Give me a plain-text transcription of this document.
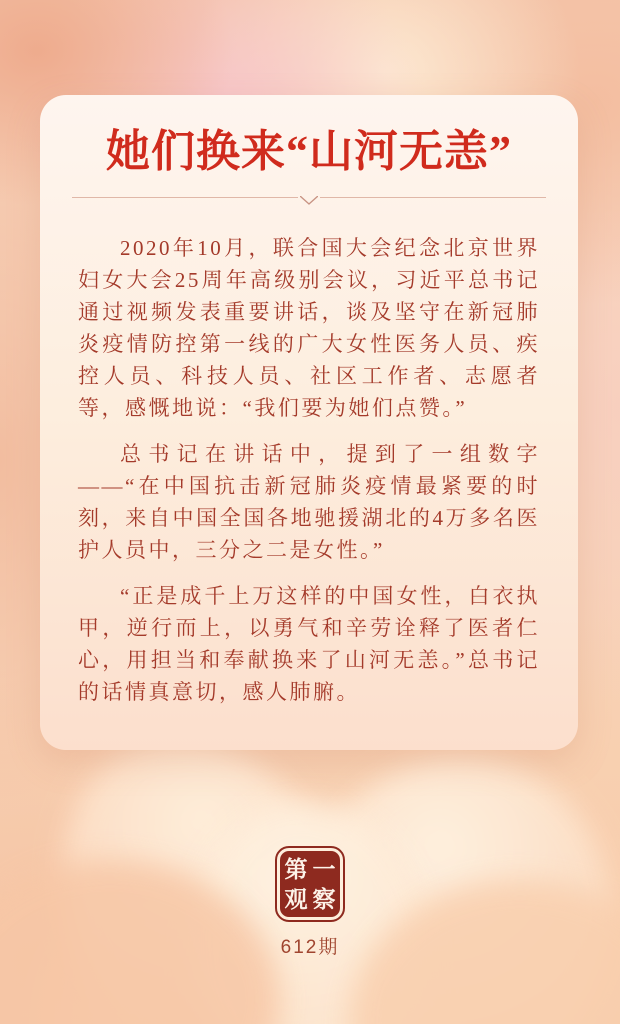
她们换来“山河无恙”

2020年10月，联合国大会纪念北京世界妇女大会25周年高级别会议，习近平总书记通过视频发表重要讲话，谈及坚守在新冠肺炎疫情防控第一线的广大女性医务人员、疾控人员、科技人员、社区工作者、志愿者等，感慨地说：“我们要为她们点赞。”

总书记在讲话中，提到了一组数字——“在中国抗击新冠肺炎疫情最紧要的时刻，来自中国全国各地驰援湖北的4万多名医护人员中，三分之二是女性。”

“正是成千上万这样的中国女性，白衣执甲，逆行而上，以勇气和辛劳诠释了医者仁心，用担当和奉献换来了山河无恙。”总书记的话情真意切，感人肺腑。

第 一
观 察
612期
